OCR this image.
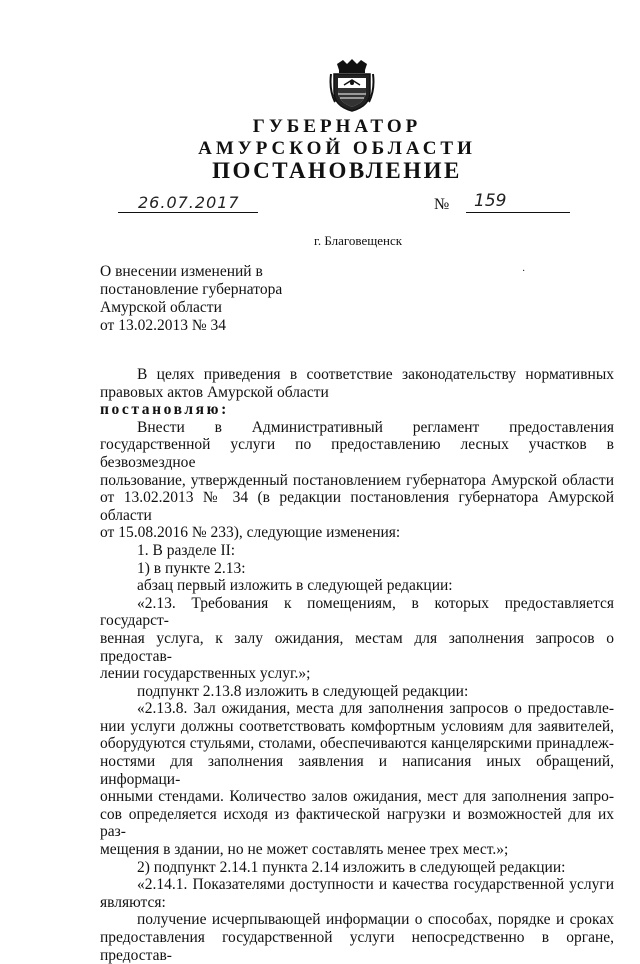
ГУБЕРНАТОР
АМУРСКОЙ ОБЛАСТИ
ПОСТАНОВЛЕНИЕ
26.07.2017	№ 159
г. Благовещенск
О внесении изменений в
постановление губернатора
Амурской области
от 13.02.2013 № 34
·

В целях приведения в соответствие законодательству нормативных

правовых актов Амурской области

постановляю:

Внести в Административный регламент предоставления

государственной услуги по предоставлению лесных участков в безвозмездное

пользование, утвержденный постановлением губернатора Амурской области

от 13.02.2013 № 34 (в редакции постановления губернатора Амурской области

от 15.08.2016 № 233), следующие изменения:

1. В разделе II:

1) в пункте 2.13:

абзац первый изложить в следующей редакции:

«2.13. Требования к помещениям, в которых предоставляется государст-

венная услуга, к залу ожидания, местам для заполнения запросов о предостав-

лении государственных услуг.»;

подпункт 2.13.8 изложить в следующей редакции:

«2.13.8. Зал ожидания, места для заполнения запросов о предоставле-

нии услуги должны соответствовать комфортным условиям для заявителей,

оборудуются стульями, столами, обеспечиваются канцелярскими принадлеж-

ностями для заполнения заявления и написания иных обращений, информаци-

онными стендами. Количество залов ожидания, мест для заполнения запро-

сов определяется исходя из фактической нагрузки и возможностей для их раз-

мещения в здании, но не может составлять менее трех мест.»;

2) подпункт 2.14.1 пункта 2.14 изложить в следующей редакции:

«2.14.1. Показателями доступности и качества государственной услуги

являются:

получение исчерпывающей информации о способах, порядке и сроках

предоставления государственной услуги непосредственно в органе, предостав-
